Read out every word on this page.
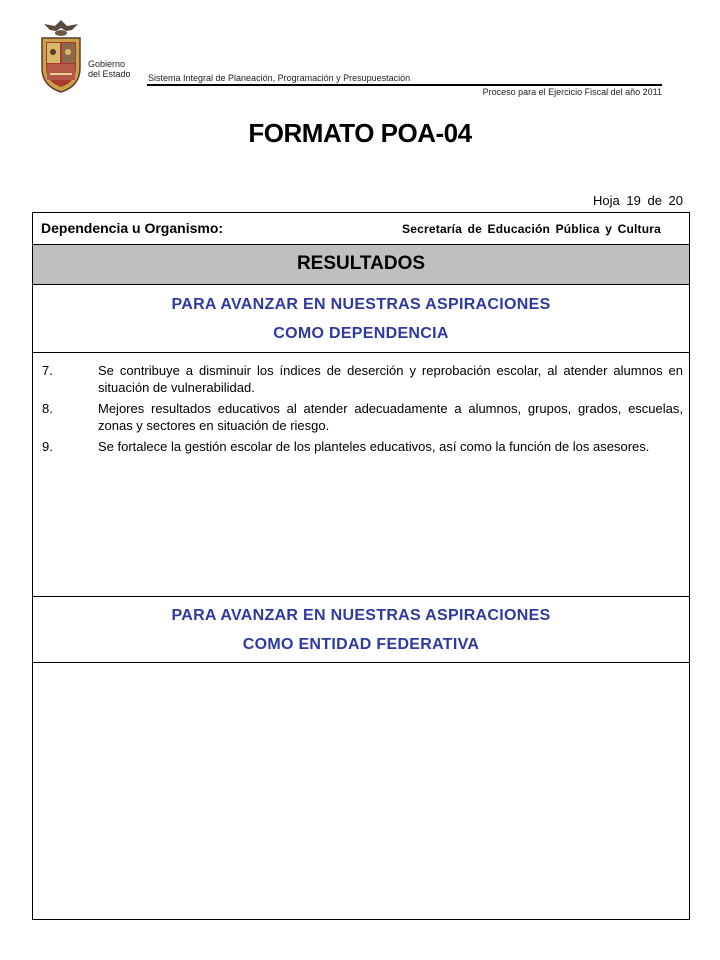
Gobierno
del Estado Sistema Integral de Planeación, Programación y Presupuestación
Proceso para el Ejercicio Fiscal del año 2011
FORMATO POA-04
Hoja 19 de 20
Dependencia u Organismo:	Secretaría de Educación Pública y Cultura
RESULTADOS
PARA AVANZAR EN NUESTRAS ASPIRACIONES
COMO DEPENDENCIA
7.	Se contribuye a disminuir los índices de deserción y reprobación escolar, al atender alumnos en situación de vulnerabilidad.
8.	Mejores resultados educativos al atender adecuadamente a alumnos, grupos, grados, escuelas, zonas y sectores en situación de riesgo.
9.	Se fortalece la gestión escolar de los planteles educativos, así como la función de los asesores.
PARA AVANZAR EN NUESTRAS ASPIRACIONES
COMO ENTIDAD FEDERATIVA
